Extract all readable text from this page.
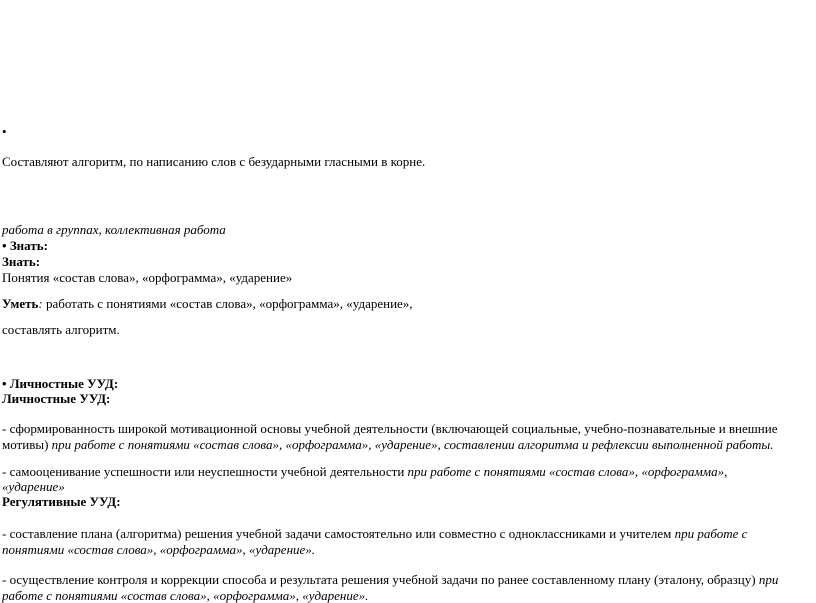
•
Составляют алгоритм, по написанию слов с безударными гласными в корне.
работа в группах, коллективная работа
• Знать:
Знать:
Понятия «состав слова», «орфограмма», «ударение»
Уметь: работать с понятиями «состав слова», «орфограмма», «ударение»,
составлять алгоритм.
• Личностные УУД:
Личностные УУД:
- сформированность широкой мотивационной основы учебной деятельности (включающей социальные, учебно-познавательные и внешние
мотивы) при работе с понятиями «состав слова», «орфограмма», «ударение», составлении алгоритма и рефлексии выполненной работы.
- самооценивание успешности или неуспешности учебной деятельности при работе с понятиями «состав слова», «орфограмма»,
«ударение»
Регулятивные УУД:
- составление плана (алгоритма) решения учебной задачи самостоятельно или совместно с одноклассниками и учителем при работе с
понятиями «состав слова», «орфограмма», «ударение».
- осуществление контроля и коррекции способа и результата решения учебной задачи по ранее составленному плану (эталону, образцу) при
работе с понятиями «состав слова», «орфограмма», «ударение».
